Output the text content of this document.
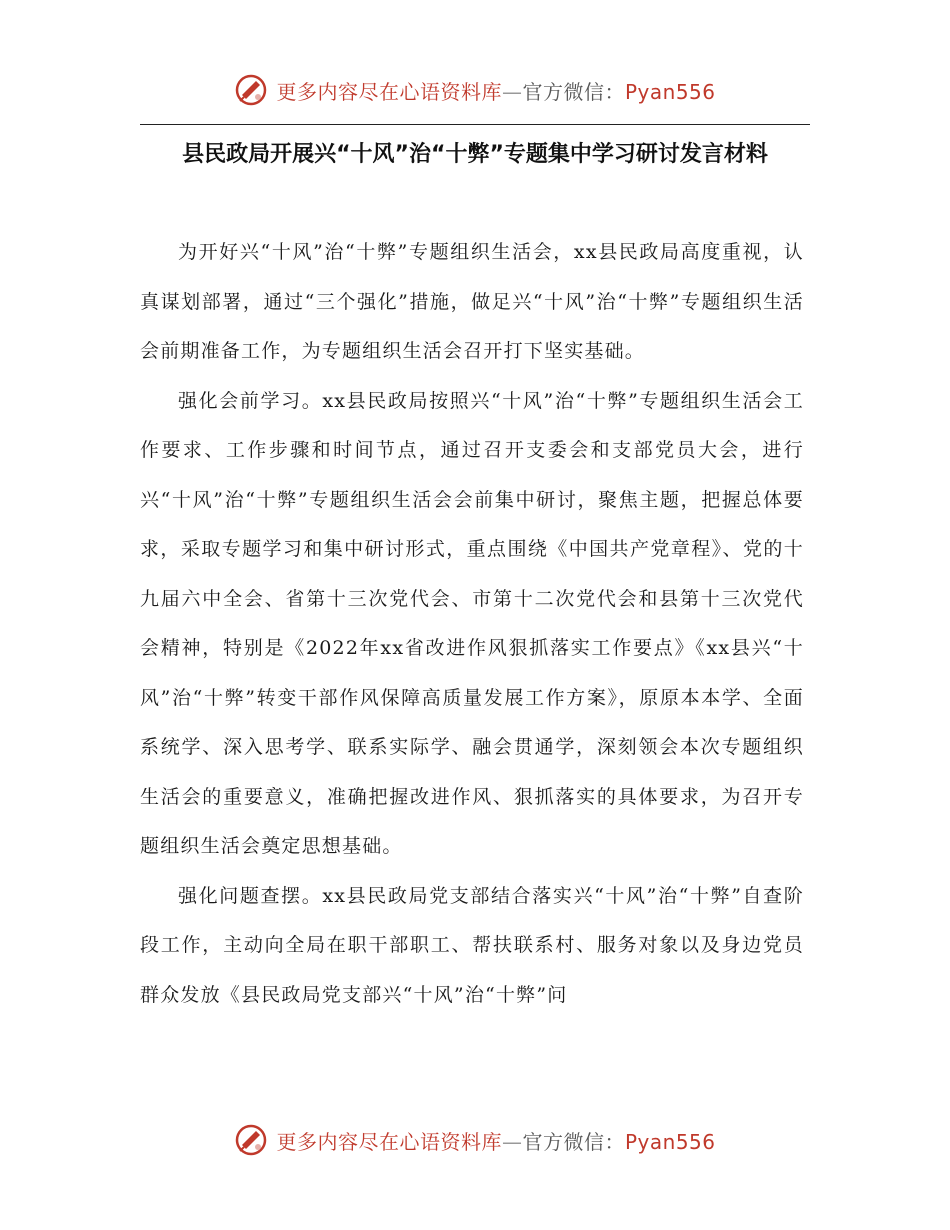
更多内容尽在心语资料库—官方微信：Pyan556
县民政局开展兴“十风”治“十弊”专题集中学习研讨发言材料

为开好兴“十风”治“十弊”专题组织生活会，xx县民政局高度重视，认真谋划部署，通过“三个强化”措施，做足兴“十风”治“十弊”专题组织生活会前期准备工作，为专题组织生活会召开打下坚实基础。

强化会前学习。xx县民政局按照兴“十风”治“十弊”专题组织生活会工作要求、工作步骤和时间节点，通过召开支委会和支部党员大会，进行兴“十风”治“十弊”专题组织生活会会前集中研讨，聚焦主题，把握总体要求，采取专题学习和集中研讨形式，重点围绕《中国共产党章程》、党的十九届六中全会、省第十三次党代会、市第十二次党代会和县第十三次党代会精神，特别是《2022年xx省改进作风狠抓落实工作要点》《xx县兴“十风”治“十弊”转变干部作风保障高质量发展工作方案》，原原本本学、全面系统学、深入思考学、联系实际学、融会贯通学，深刻领会本次专题组织生活会的重要意义，准确把握改进作风、狠抓落实的具体要求，为召开专题组织生活会奠定思想基础。

强化问题查摆。xx县民政局党支部结合落实兴“十风”治“十弊”自查阶段工作，主动向全局在职干部职工、帮扶联系村、服务对象以及身边党员群众发放《县民政局党支部兴“十风”治“十弊”问

更多内容尽在心语资料库—官方微信：Pyan556
